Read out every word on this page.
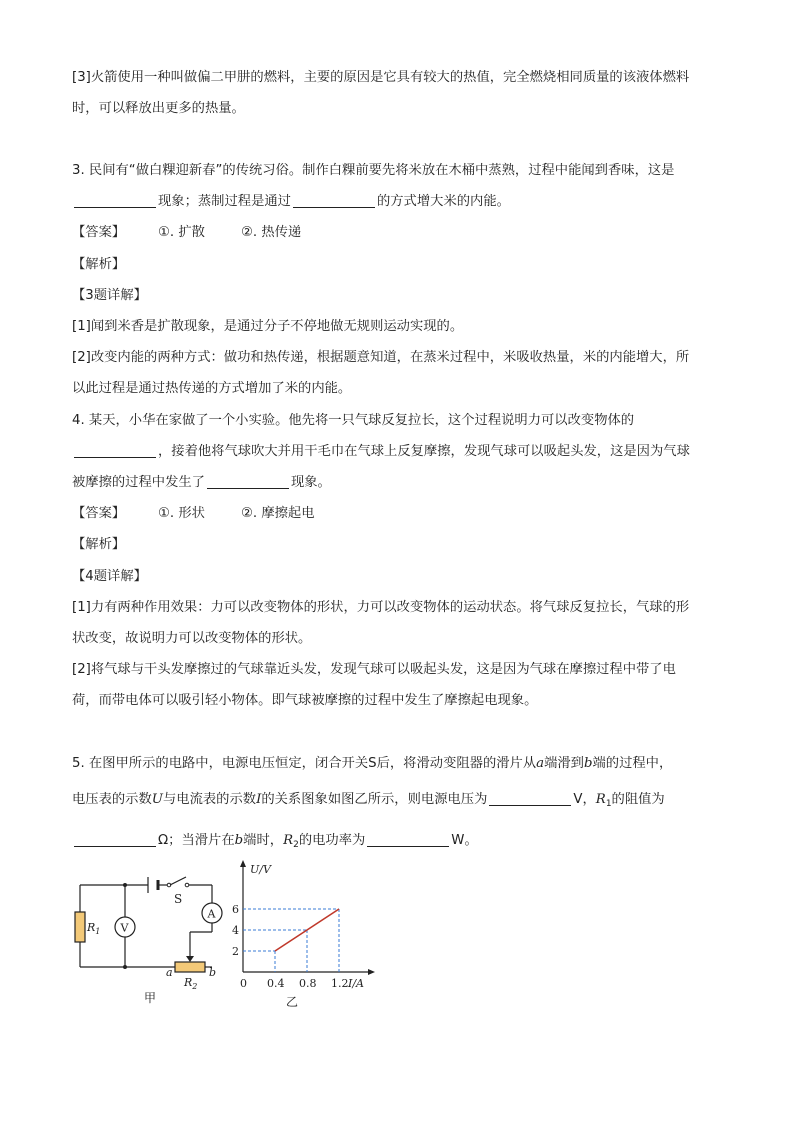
[3]火箭使用一种叫做偏二甲肼的燃料，主要的原因是它具有较大的热值，完全燃烧相同质量的该液体燃料
时，可以释放出更多的热量。
3. 民间有“做白粿迎新春”的传统习俗。制作白粿前要先将米放在木桶中蒸熟，过程中能闻到香味，这是
现象；蒸制过程是通过	的方式增大米的内能。
【答案】 ①. 扩散	②. 热传递
【解析】
【3题详解】
[1]闻到米香是扩散现象，是通过分子不停地做无规则运动实现的。
[2]改变内能的两种方式：做功和热传递，根据题意知道，在蒸米过程中，米吸收热量，米的内能增大，所
以此过程是通过热传递的方式增加了米的内能。
4. 某天，小华在家做了一个小实验。他先将一只气球反复拉长，这个过程说明力可以改变物体的
，接着他将气球吹大并用干毛巾在气球上反复摩擦，发现气球可以吸起头发，这是因为气球
被摩擦的过程中发生了	现象。
【答案】 ①. 形状	②. 摩擦起电
【解析】
【4题详解】
[1]力有两种作用效果：力可以改变物体的形状，力可以改变物体的运动状态。将气球反复拉长，气球的形
状改变，故说明力可以改变物体的形状。
[2]将气球与干头发摩擦过的气球靠近头发，发现气球可以吸起头发，这是因为气球在摩擦过程中带了电
荷，而带电体可以吸引轻小物体。即气球被摩擦的过程中发生了摩擦起电现象。
5. 在图甲所示的电路中，电源电压恒定，闭合开关S后，将滑动变阻器的滑片从a端滑到b端的过程中，
电压表的示数U与电流表的示数I的关系图象如图乙所示，则电源电压为	V，$R_1$的阻值为
Ω；当滑片在b端时，$R_2$的电功率为	W。
S
$R_1$ V
A
a	b
$R_2$
甲
0.4 0.8 1.2
2
4
6
0	I/A
U/V
乙
